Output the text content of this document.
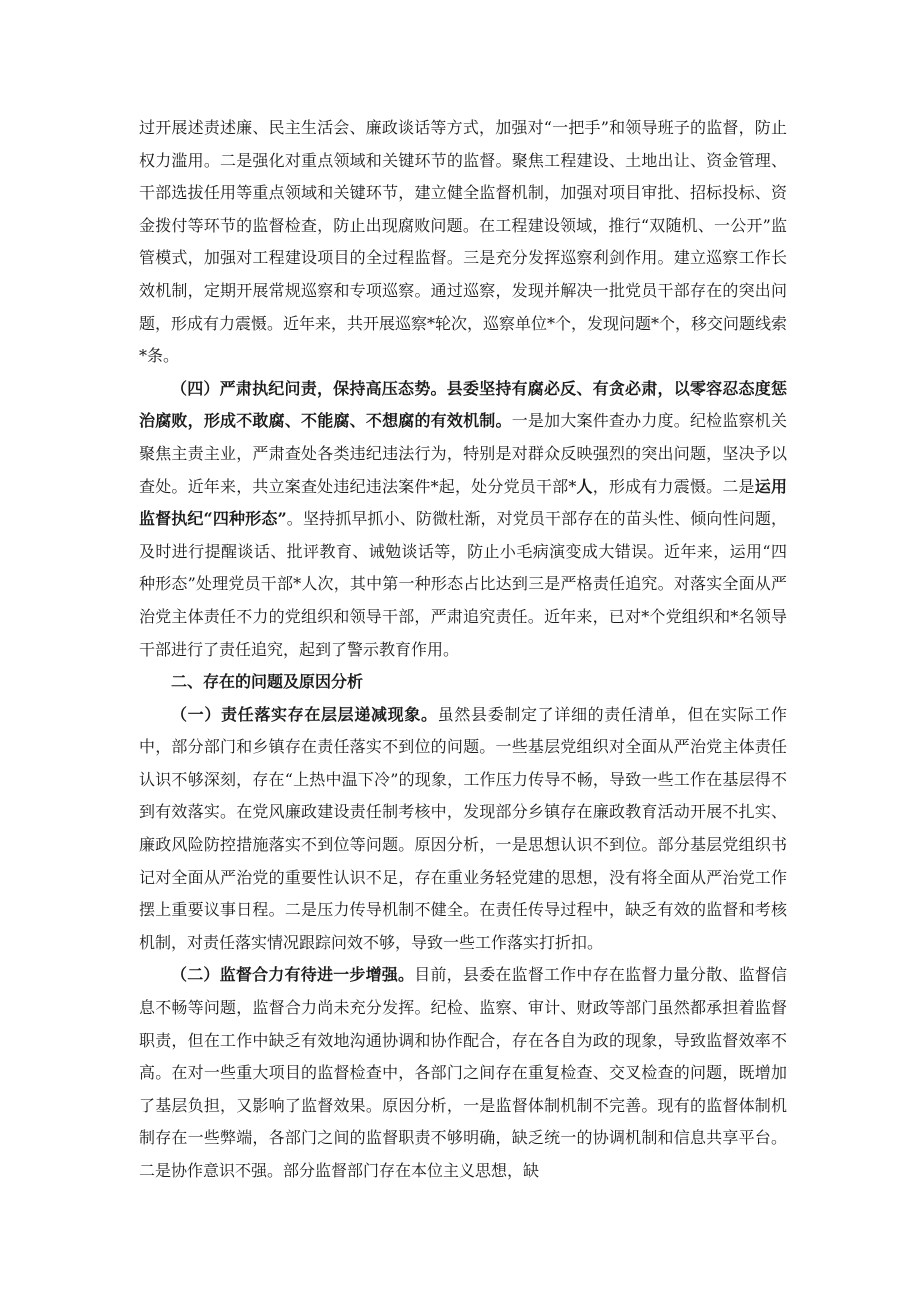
过开展述责述廉、民主生活会、廉政谈话等方式，加强对“一把手”和领导班子的监督，防止权力滥用。二是强化对重点领域和关键环节的监督。聚焦工程建设、土地出让、资金管理、干部选拔任用等重点领域和关键环节，建立健全监督机制，加强对项目审批、招标投标、资金拨付等环节的监督检查，防止出现腐败问题。在工程建设领域，推行“双随机、一公开”监管模式，加强对工程建设项目的全过程监督。三是充分发挥巡察利剑作用。建立巡察工作长效机制，定期开展常规巡察和专项巡察。通过巡察，发现并解决一批党员干部存在的突出问题，形成有力震慑。近年来，共开展巡察*轮次，巡察单位*个，发现问题*个，移交问题线索*条。

（四）严肃执纪问责，保持高压态势。县委坚持有腐必反、有贪必肃，以零容忍态度惩治腐败，形成不敢腐、不能腐、不想腐的有效机制。一是加大案件查办力度。纪检监察机关聚焦主责主业，严肃查处各类违纪违法行为，特别是对群众反映强烈的突出问题，坚决予以查处。近年来，共立案查处违纪违法案件*起，处分党员干部*人，形成有力震慑。二是运用监督执纪“四种形态”。坚持抓早抓小、防微杜渐，对党员干部存在的苗头性、倾向性问题，及时进行提醒谈话、批评教育、诫勉谈话等，防止小毛病演变成大错误。近年来，运用“四种形态”处理党员干部*人次，其中第一种形态占比达到三是严格责任追究。对落实全面从严治党主体责任不力的党组织和领导干部，严肃追究责任。近年来，已对*个党组织和*名领导干部进行了责任追究，起到了警示教育作用。

二、存在的问题及原因分析

（一）责任落实存在层层递减现象。虽然县委制定了详细的责任清单，但在实际工作中，部分部门和乡镇存在责任落实不到位的问题。一些基层党组织对全面从严治党主体责任认识不够深刻，存在“上热中温下冷”的现象，工作压力传导不畅，导致一些工作在基层得不到有效落实。在党风廉政建设责任制考核中，发现部分乡镇存在廉政教育活动开展不扎实、廉政风险防控措施落实不到位等问题。原因分析，一是思想认识不到位。部分基层党组织书记对全面从严治党的重要性认识不足，存在重业务轻党建的思想，没有将全面从严治党工作摆上重要议事日程。二是压力传导机制不健全。在责任传导过程中，缺乏有效的监督和考核机制，对责任落实情况跟踪问效不够，导致一些工作落实打折扣。

（二）监督合力有待进一步增强。目前，县委在监督工作中存在监督力量分散、监督信息不畅等问题，监督合力尚未充分发挥。纪检、监察、审计、财政等部门虽然都承担着监督职责，但在工作中缺乏有效地沟通协调和协作配合，存在各自为政的现象，导致监督效率不高。在对一些重大项目的监督检查中，各部门之间存在重复检查、交叉检查的问题，既增加了基层负担，又影响了监督效果。原因分析，一是监督体制机制不完善。现有的监督体制机制存在一些弊端，各部门之间的监督职责不够明确，缺乏统一的协调机制和信息共享平台。二是协作意识不强。部分监督部门存在本位主义思想，缺
